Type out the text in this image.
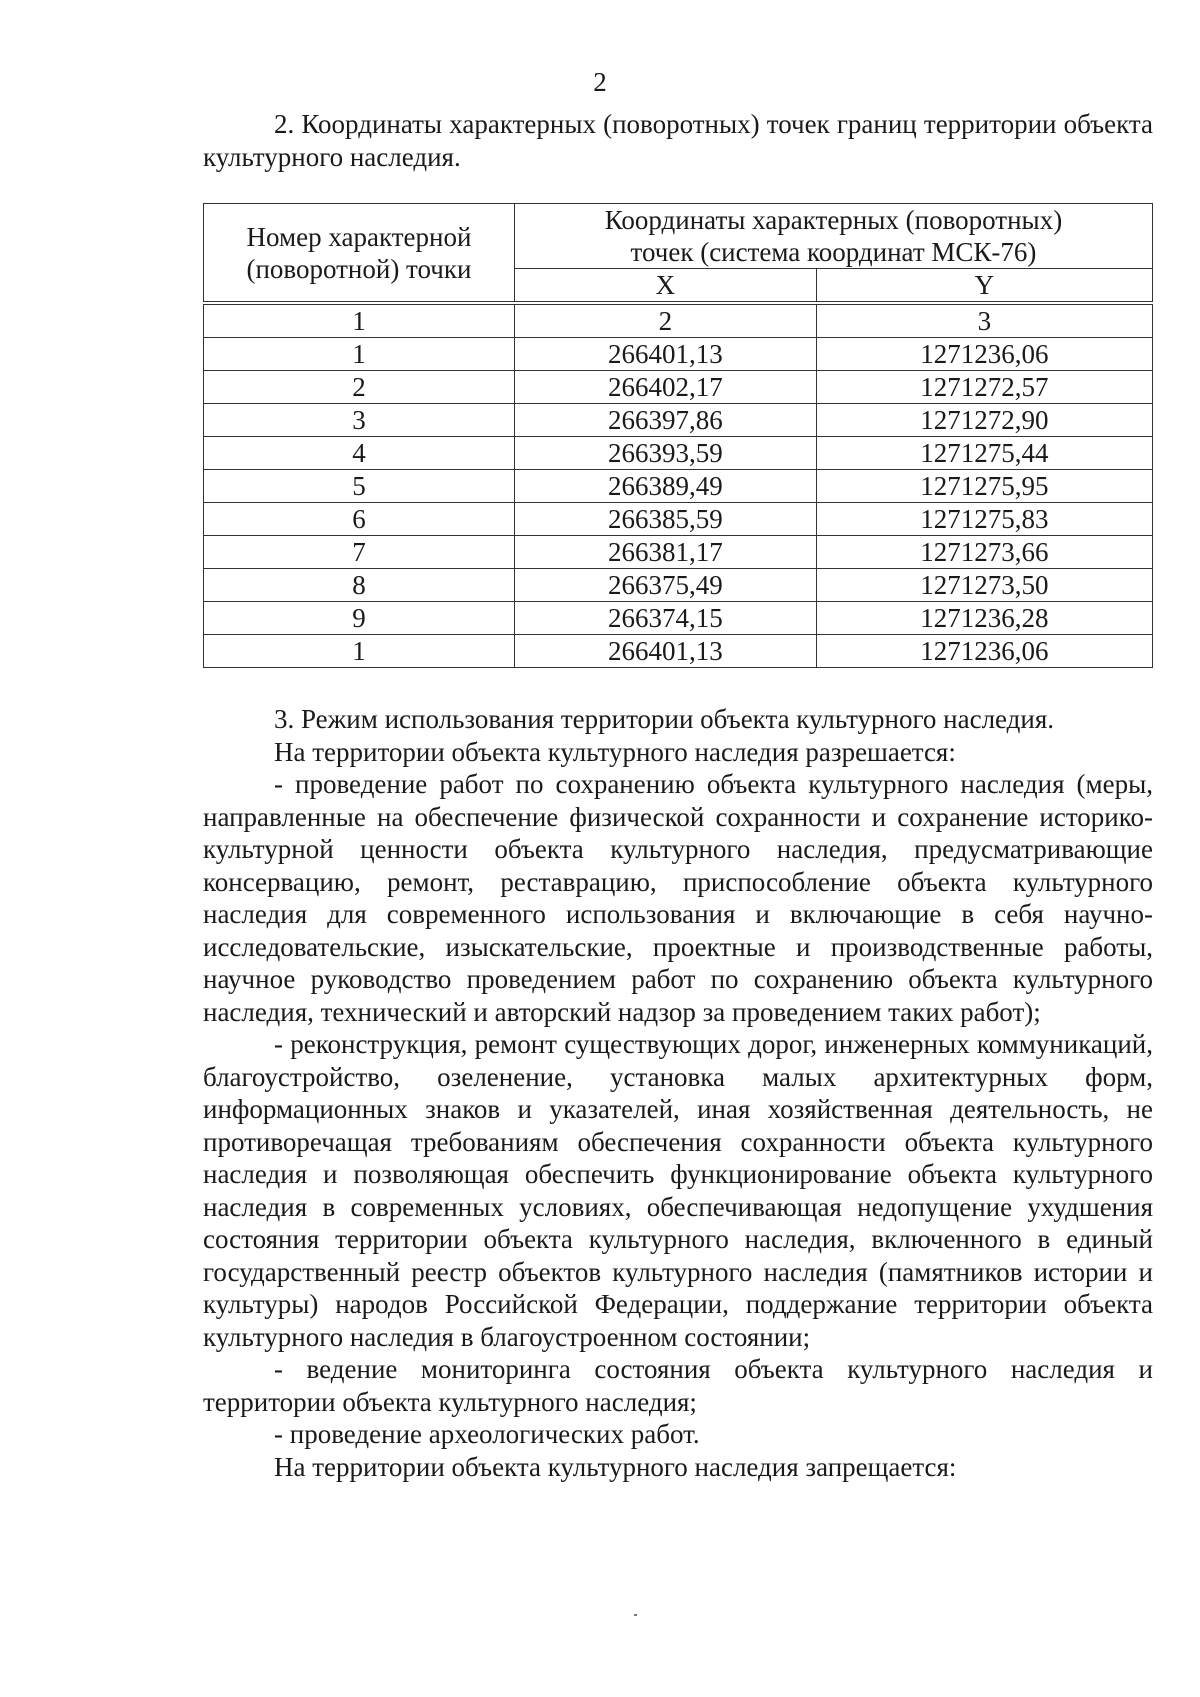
2

2. Координаты характерных (поворотных) точек границ территории объекта культурного наследия.

Номер характерной (поворотной) точки	Координаты характерных (поворотных) точек (система координат МСК-76)	
	X	Y
1	2	3
1	266401,13	1271236,06
2	266402,17	1271272,57
3	266397,86	1271272,90
4	266393,59	1271275,44
5	266389,49	1271275,95
6	266385,59	1271275,83
7	266381,17	1271273,66
8	266375,49	1271273,50
9	266374,15	1271236,28
1	266401,13	1271236,06

3. Режим использования территории объекта культурного наследия.

На территории объекта культурного наследия разрешается:

- проведение работ по сохранению объекта культурного наследия (меры, направленные на обеспечение физической сохранности и сохранение историко-культурной ценности объекта культурного наследия, предусматривающие консервацию, ремонт, реставрацию, приспособление объекта культурного наследия для современного использования и включающие в себя научно-исследовательские, изыскательские, проектные и производственные работы, научное руководство проведением работ по сохранению объекта культурного наследия, технический и авторский надзор за проведением таких работ);

- реконструкция, ремонт существующих дорог, инженерных коммуникаций, благоустройство, озеленение, установка малых архитектурных форм, информационных знаков и указателей, иная хозяйственная деятельность, не противоречащая требованиям обеспечения сохранности объекта культурного наследия и позволяющая обеспечить функционирование объекта культурного наследия в современных условиях, обеспечивающая недопущение ухудшения состояния территории объекта культурного наследия, включенного в единый государственный реестр объектов культурного наследия (памятников истории и культуры) народов Российской Федерации, поддержание территории объекта культурного наследия в благоустроенном состоянии;

- ведение мониторинга состояния объекта культурного наследия и территории объекта культурного наследия;

- проведение археологических работ.

На территории объекта культурного наследия запрещается:
